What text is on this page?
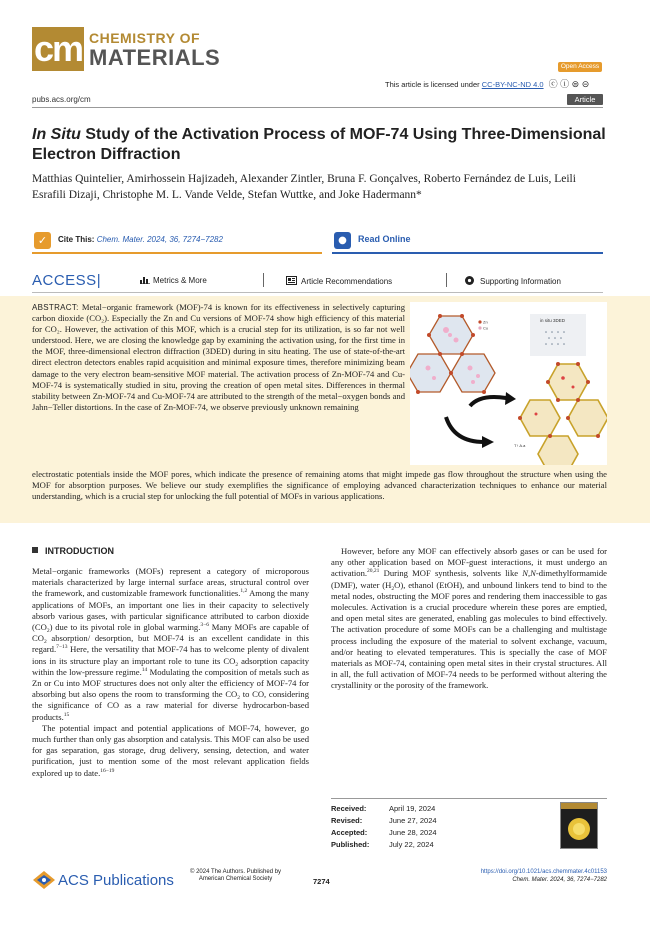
cm CHEMISTRY OF
MATERIALS	Open Access
This article is licensed under CC-BY-NC-ND 4.0 ⓒ ⓘ ⊜ ⊝
pubs.acs.org/cm	Article
In Situ Study of the Activation Process of MOF-74 Using Three-Dimensional Electron Diffraction
Matthias Quintelier, Amirhossein Hajizadeh, Alexander Zintler, Bruna F. Gonçalves, Roberto Fernández de Luis, Leili Esrafili Dizaji, Christophe M. L. Vande Velde, Stefan Wuttke, and Joke Hadermann*
✓	Cite This: Chem. Mater. 2024, 36, 7274−7282	●	Read Online
ACCESS|	Metrics & More	Article Recommendations	Supporting Information
ABSTRACT: Metal−organic framework (MOF)-74 is known for its effectiveness in selectively capturing carbon dioxide (CO₂). Especially the Zn and Cu versions of MOF-74 show high efficiency of this material for CO₂. However, the activation of this MOF, which is a crucial step for its utilization, is so far not well understood. Here, we are closing the knowledge gap by examining the activation using, for the first time in the MOF, three-dimensional electron diffraction (3DED) during in situ heating. The use of state-of-the-art direct electron detectors enables rapid acquisition and minimal exposure times, therefore minimizing beam damage to the very electron beam-sensitive MOF material. The activation process of Zn-MOF-74 and Cu-MOF-74 is systematically studied in situ, proving the creation of open metal sites. Differences in thermal stability between Zn-MOF-74 and Cu-MOF-74 are attributed to the strength of the metal−oxygen bonds and Jahn−Teller distortions. In the case of Zn-MOF-74, we observe previously unknown remaining
electrostatic potentials inside the MOF pores, which indicate the presence of remaining atoms that might impede gas flow throughout the structure when using the MOF for absorption purposes. We believe our study exemplifies the significance of employing advanced characterization techniques to enhance our material understanding, which is a crucial step for unlocking the full potential of MOFs in various applications.
Zn
Cu
in situ 3DED
T↑ A.a
INTRODUCTION

Metal−organic frameworks (MOFs) represent a category of microporous materials characterized by large internal surface areas, structural control over the framework, and customizable framework functionalities.$^{1,2}$ Among the many applications of MOFs, an important one lies in their capacity to selectively absorb various gases, with particular significance attributed to carbon dioxide $(CO_2)$ due to its pivotal role in global warming.$^{3-6}$ Many MOFs are capable of $CO_2$ absorption/ desorption, but MOF-74 is an excellent candidate in this regard.$^{7-13}$ Here, the versatility that MOF-74 has to welcome plenty of divalent ions in its structure play an important role to tune its $CO_2$ adsorption capacity within the low-pressure regime.$^{14}$ Modulating the composition of metals such as Zn or Cu into MOF structures does not only alter the efficiency of MOF-74 for absorbing but also opens the room to transforming the $CO_2$ to CO, considering the significance of CO as a raw material for diverse hydrocarbon-based products.$^{15}$

The potential impact and potential applications of MOF-74, however, go much further than only gas absorption and catalysis. This MOF can also be used for gas separation, gas storage, drug delivery, sensing, detection, and water purification, just to mention some of the most relevant application fields explored up to date.$^{16-19}$

However, before any MOF can effectively absorb gases or can be used for any other application based on MOF-guest interactions, it must undergo an activation.$^{20,21}$ During MOF synthesis, solvents like N,N-dimethylformamide (DMF), water $(H_2O)$, ethanol (EtOH), and unbound linkers tend to bind to the metal nodes, obstructing the MOF pores and rendering them inaccessible to gas molecules. Activation is a crucial procedure wherein these pores are emptied, and open metal sites are generated, enabling gas molecules to bind effectively. The activation procedure of some MOFs can be a challenging and multistage process including the exposure of the material to solvent exchange, vacuum, and/or heating to elevated temperatures. This is specially the case of MOF materials as MOF-74, containing open metal sites in their crystal structures. All in all, the full activation of MOF-74 needs to be performed without altering the crystallinity or the porosity of the framework.

Received:	April 19, 2024
Revised:	June 27, 2024
Accepted:	June 28, 2024
Published:	July 22, 2024
ACS Publications	© 2024 The Authors. Published by
American Chemical Society	7274
https://doi.org/10.1021/acs.chemmater.4c01153
Chem. Mater. 2024, 36, 7274−7282
